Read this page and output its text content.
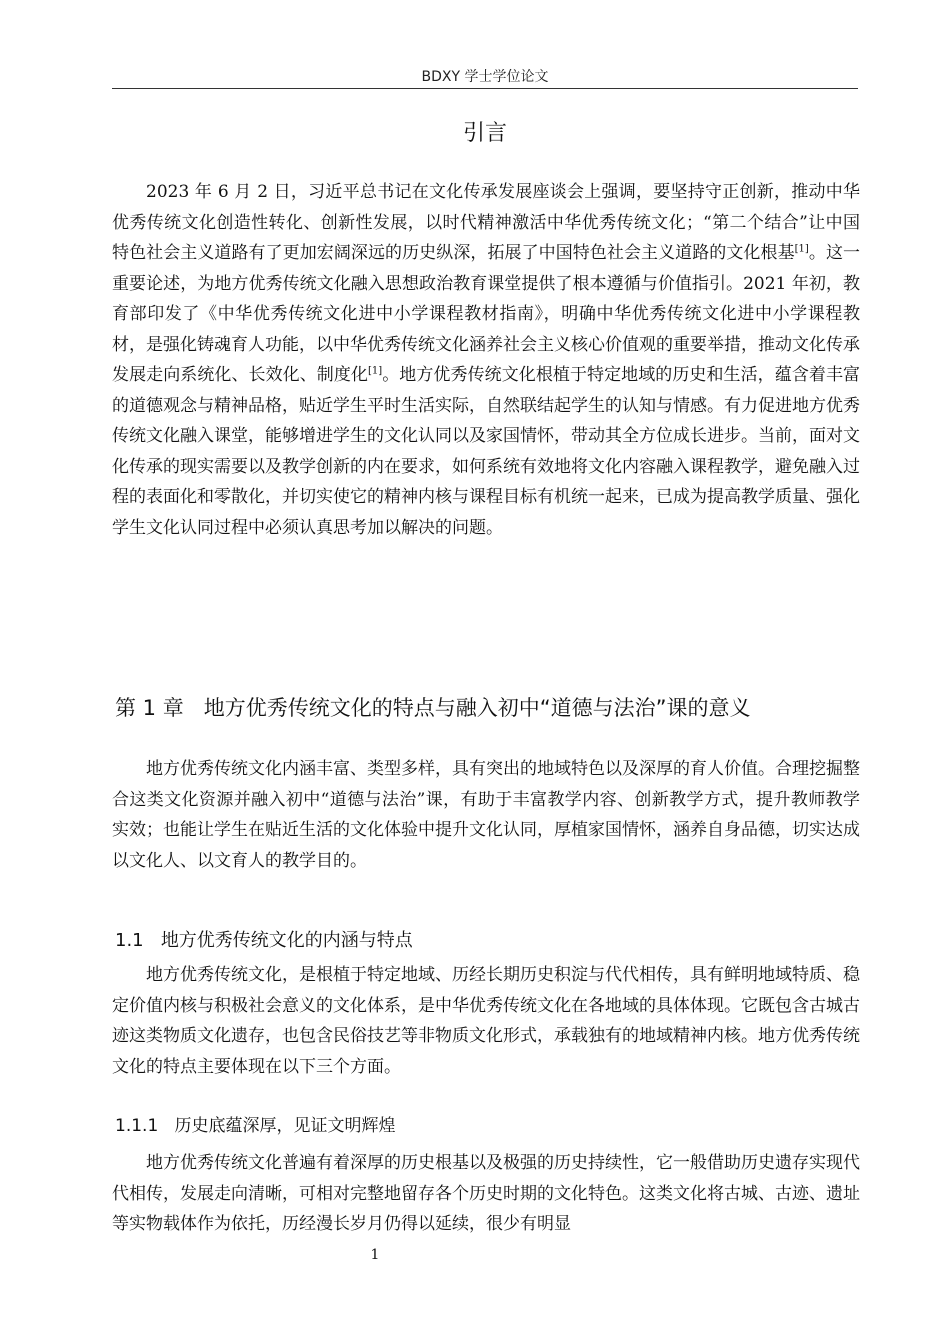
BDXY 学士学位论文
引言

2023 年 6 月 2 日，习近平总书记在文化传承发展座谈会上强调，要坚持守正创新，推动中华优秀传统文化创造性转化、创新性发展，以时代精神激活中华优秀传统文化；“第二个结合”让中国特色社会主义道路有了更加宏阔深远的历史纵深，拓展了中国特色社会主义道路的文化根基[1]。这一重要论述，为地方优秀传统文化融入思想政治教育课堂提供了根本遵循与价值指引。2021 年初，教育部印发了《中华优秀传统文化进中小学课程教材指南》，明确中华优秀传统文化进中小学课程教材，是强化铸魂育人功能，以中华优秀传统文化涵养社会主义核心价值观的重要举措，推动文化传承发展走向系统化、长效化、制度化[1]。地方优秀传统文化根植于特定地域的历史和生活，蕴含着丰富的道德观念与精神品格，贴近学生平时生活实际，自然联结起学生的认知与情感。有力促进地方优秀传统文化融入课堂，能够增进学生的文化认同以及家国情怀，带动其全方位成长进步。当前，面对文化传承的现实需要以及教学创新的内在要求，如何系统有效地将文化内容融入课程教学，避免融入过程的表面化和零散化，并切实使它的精神内核与课程目标有机统一起来，已成为提高教学质量、强化学生文化认同过程中必须认真思考加以解决的问题。

第 1 章 地方优秀传统文化的特点与融入初中“道德与法治”课的意义

地方优秀传统文化内涵丰富、类型多样，具有突出的地域特色以及深厚的育人价值。合理挖掘整合这类文化资源并融入初中“道德与法治”课，有助于丰富教学内容、创新教学方式，提升教师教学实效；也能让学生在贴近生活的文化体验中提升文化认同，厚植家国情怀，涵养自身品德，切实达成以文化人、以文育人的教学目的。

1.1 地方优秀传统文化的内涵与特点

地方优秀传统文化，是根植于特定地域、历经长期历史积淀与代代相传，具有鲜明地域特质、稳定价值内核与积极社会意义的文化体系，是中华优秀传统文化在各地域的具体体现。它既包含古城古迹这类物质文化遗存，也包含民俗技艺等非物质文化形式，承载独有的地域精神内核。地方优秀传统文化的特点主要体现在以下三个方面。

1.1.1 历史底蕴深厚，见证文明辉煌

地方优秀传统文化普遍有着深厚的历史根基以及极强的历史持续性，它一般借助历史遗存实现代代相传，发展走向清晰，可相对完整地留存各个历史时期的文化特色。这类文化将古城、古迹、遗址等实物载体作为依托，历经漫长岁月仍得以延续，很少有明显

1
